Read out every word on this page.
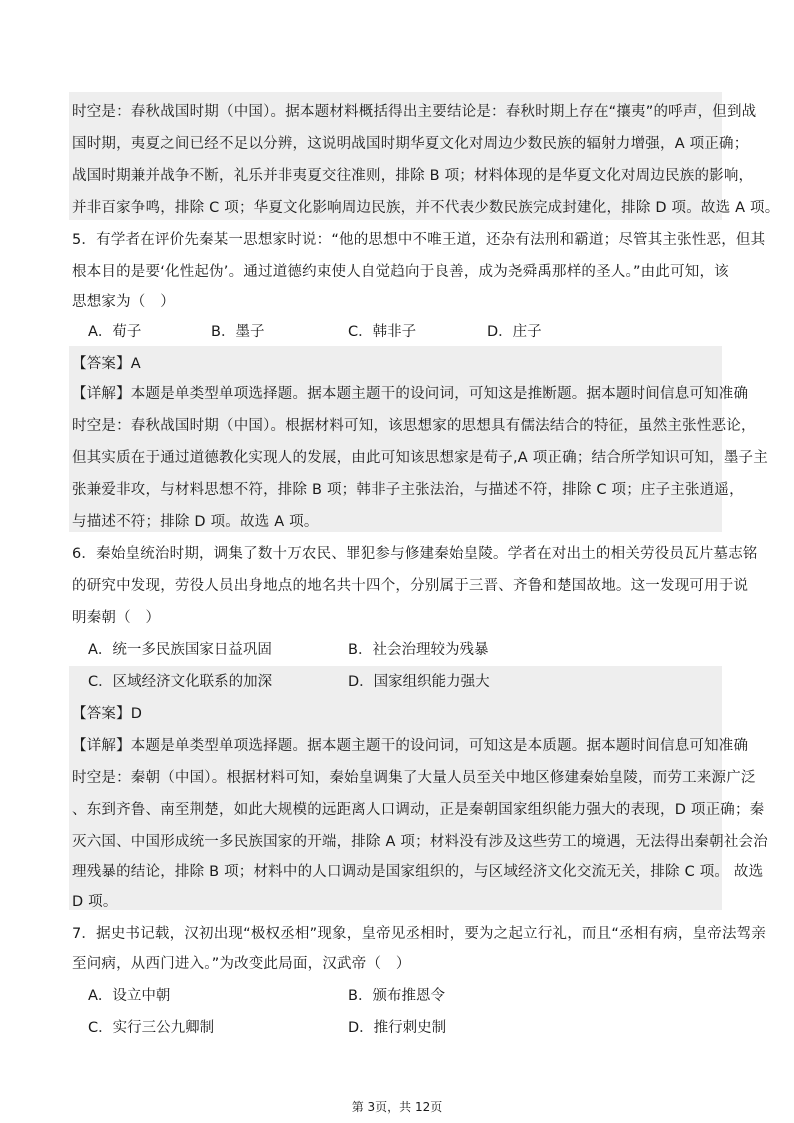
时空是：春秋战国时期（中国）。据本题材料概括得出主要结论是：春秋时期上存在“攘夷”的呼声，但到战
国时期，夷夏之间已经不足以分辨，这说明战国时期华夏文化对周边少数民族的辐射力增强，A 项正确；
战国时期兼并战争不断，礼乐并非夷夏交往准则，排除 B 项；材料体现的是华夏文化对周边民族的影响，
并非百家争鸣，排除 C 项；华夏文化影响周边民族，并不代表少数民族完成封建化，排除 D 项。故选 A 项。
5．有学者在评价先秦某一思想家时说：“他的思想中不唯王道，还杂有法刑和霸道；尽管其主张性恶，但其
根本目的是要‘化性起伪’。通过道德约束使人自觉趋向于良善，成为尧舜禹那样的圣人。”由此可知，该
思想家为（　）
A．荀子	B．墨子	C．韩非子	D．庄子
【答案】A
【详解】本题是单类型单项选择题。据本题主题干的设问词，可知这是推断题。据本题时间信息可知准确
时空是：春秋战国时期（中国）。根据材料可知，该思想家的思想具有儒法结合的特征，虽然主张性恶论，
但其实质在于通过道德教化实现人的发展，由此可知该思想家是荀子,A 项正确；结合所学知识可知，墨子主
张兼爱非攻，与材料思想不符，排除 B 项；韩非子主张法治，与描述不符，排除 C 项；庄子主张逍遥，
与描述不符；排除 D 项。故选 A 项。
6．秦始皇统治时期，调集了数十万农民、罪犯参与修建秦始皇陵。学者在对出土的相关劳役员瓦片墓志铭
的研究中发现，劳役人员出身地点的地名共十四个，分别属于三晋、齐鲁和楚国故地。这一发现可用于说
明秦朝（　）
A．统一多民族国家日益巩固	B．社会治理较为残暴
C．区域经济文化联系的加深	D．国家组织能力强大
【答案】D
【详解】本题是单类型单项选择题。据本题主题干的设问词，可知这是本质题。据本题时间信息可知准确
时空是：秦朝（中国）。根据材料可知，秦始皇调集了大量人员至关中地区修建秦始皇陵，而劳工来源广泛
、东到齐鲁、南至荆楚，如此大规模的远距离人口调动，正是秦朝国家组织能力强大的表现，D 项正确；秦
灭六国、中国形成统一多民族国家的开端，排除 A 项；材料没有涉及这些劳工的境遇，无法得出秦朝社会治
理残暴的结论，排除 B 项；材料中的人口调动是国家组织的，与区域经济文化交流无关，排除 C 项。 故选
D 项。
7．据史书记载，汉初出现“极权丞相”现象，皇帝见丞相时，要为之起立行礼，而且“丞相有病，皇帝法驾亲
至问病，从西门进入。”为改变此局面，汉武帝（　）
A．设立中朝	B．颁布推恩令
C．实行三公九卿制	D．推行刺史制
第 3页，共 12页
